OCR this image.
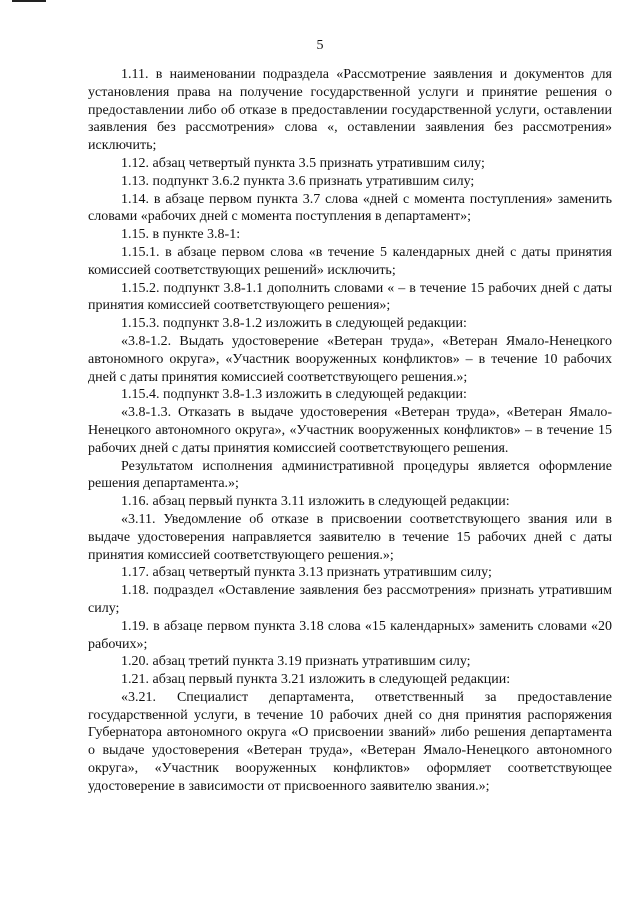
5

1.11. в наименовании подраздела «Рассмотрение заявления и документов для установления права на получение государственной услуги и принятие решения о предоставлении либо об отказе в предоставлении государственной услуги, оставлении заявления без рассмотрения» слова «, оставлении заявления без рассмотрения» исключить;

1.12. абзац четвертый пункта 3.5 признать утратившим силу;

1.13. подпункт 3.6.2 пункта 3.6 признать утратившим силу;

1.14. в абзаце первом пункта 3.7 слова «дней с момента поступления» заменить словами «рабочих дней с момента поступления в департамент»;

1.15. в пункте 3.8-1:

1.15.1. в абзаце первом слова «в течение 5 календарных дней с даты принятия комиссией соответствующих решений» исключить;

1.15.2. подпункт 3.8-1.1 дополнить словами « – в течение 15 рабочих дней с даты принятия комиссией соответствующего решения»;

1.15.3. подпункт 3.8-1.2 изложить в следующей редакции:

«3.8-1.2. Выдать удостоверение «Ветеран труда», «Ветеран Ямало-Ненецкого автономного округа», «Участник вооруженных конфликтов» – в течение 10 рабочих дней с даты принятия комиссией соответствующего решения.»;

1.15.4. подпункт 3.8-1.3 изложить в следующей редакции:

«3.8-1.3. Отказать в выдаче удостоверения «Ветеран труда», «Ветеран Ямало-Ненецкого автономного округа», «Участник вооруженных конфликтов» – в течение 15 рабочих дней с даты принятия комиссией соответствующего решения.

Результатом исполнения административной процедуры является оформление решения департамента.»;

1.16. абзац первый пункта 3.11 изложить в следующей редакции:

«3.11. Уведомление об отказе в присвоении соответствующего звания или в выдаче удостоверения направляется заявителю в течение 15 рабочих дней с даты принятия комиссией соответствующего решения.»;

1.17. абзац четвертый пункта 3.13 признать утратившим силу;

1.18. подраздел «Оставление заявления без рассмотрения» признать утратившим силу;

1.19. в абзаце первом пункта 3.18 слова «15 календарных» заменить словами «20 рабочих»;

1.20. абзац третий пункта 3.19 признать утратившим силу;

1.21. абзац первый пункта 3.21 изложить в следующей редакции:

«3.21. Специалист департамента, ответственный за предоставление государственной услуги, в течение 10 рабочих дней со дня принятия распоряжения Губернатора автономного округа «О присвоении званий» либо решения департамента о выдаче удостоверения «Ветеран труда», «Ветеран Ямало-Ненецкого автономного округа», «Участник вооруженных конфликтов» оформляет соответствующее удостоверение в зависимости от присвоенного заявителю звания.»;
